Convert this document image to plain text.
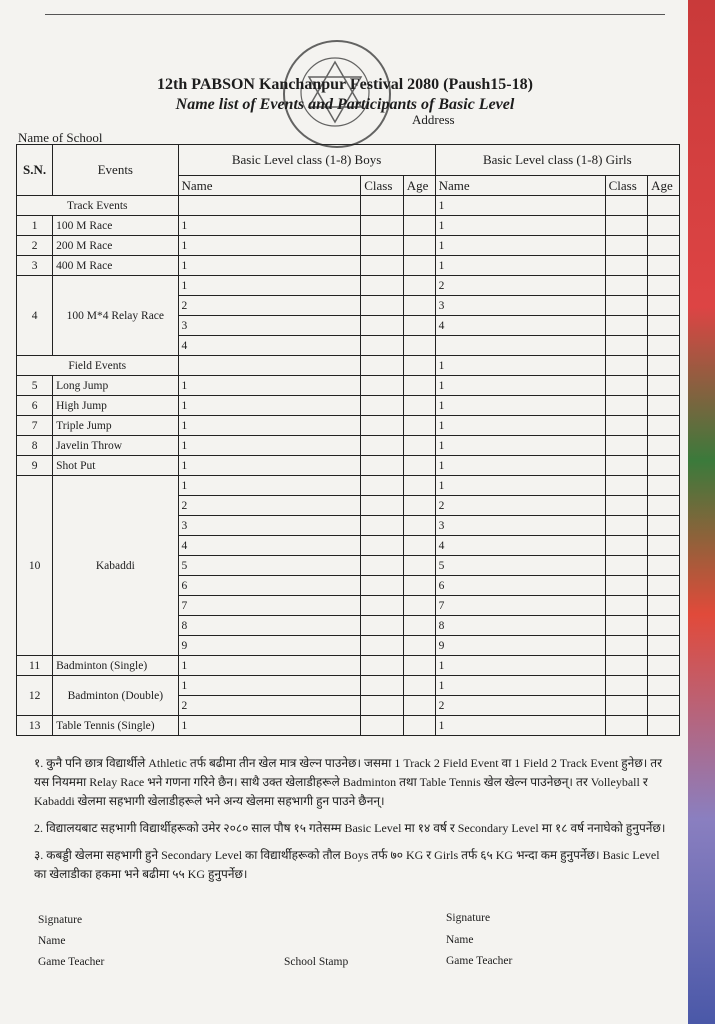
12th PABSON Kanchanpur Festival 2080 (Paush15-18)
Name list of Events and Participants of Basic Level
Address
Name of School
S.N.	Events	Basic Level class (1-8) Boys			Basic Level class (1-8) Girls		
		Name	Class	Age	Name	Class	Age
Track Events					1		
1	100 M Race	1			1		
2	200 M Race	1			1		
3	400 M Race	1			1		
4	100 M*4 Relay Race	1			2		
		2			3		
		3			4		
		4					
Field Events					1		
5	Long Jump	1			1		
6	High Jump	1			1		
7	Triple Jump	1			1		
8	Javelin Throw	1			1		
9	Shot Put	1			1		
10	Kabaddi	1			1		
		2			2		
		3			3		
		4			4		
		5			5		
		6			6		
		7			7		
		8			8		
		9			9		
11	Badminton (Single)	1			1		
12	Badminton (Double)	1			1		
		2			2		
13	Table Tennis (Single)	1			1		

१. कुनै पनि छात्र विद्यार्थीले Athletic तर्फ बढीमा तीन खेल मात्र खेल्न पाउनेछ। जसमा 1 Track 2 Field Event वा 1 Field 2 Track Event हुनेछ। तर यस नियममा Relay Race भने गणना गरिने छैन। साथै उक्त खेलाडीहरूले Badminton तथा Table Tennis खेल खेल्न पाउनेछन्। तर Volleyball र Kabaddi खेलमा सहभागी खेलाडीहरूले भने अन्य खेलमा सहभागी हुन पाउने छैनन्।

2. विद्यालयबाट सहभागी विद्यार्थीहरूको उमेर २०८० साल पौष १५ गतेसम्म Basic Level मा १४ वर्ष र Secondary Level मा १८ वर्ष ननाघेको हुनुपर्नेछ।

३. कबड्डी खेलमा सहभागी हुने Secondary Level का विद्यार्थीहरूको तौल Boys तर्फ ७० KG र Girls तर्फ ६५ KG भन्दा कम हुनुपर्नेछ। Basic Level का खेलाडीका हकमा भने बढीमा ५५ KG हुनुपर्नेछ।

Signature
Name
Game Teacher	School Stamp
Signature
Name
Game Teacher
